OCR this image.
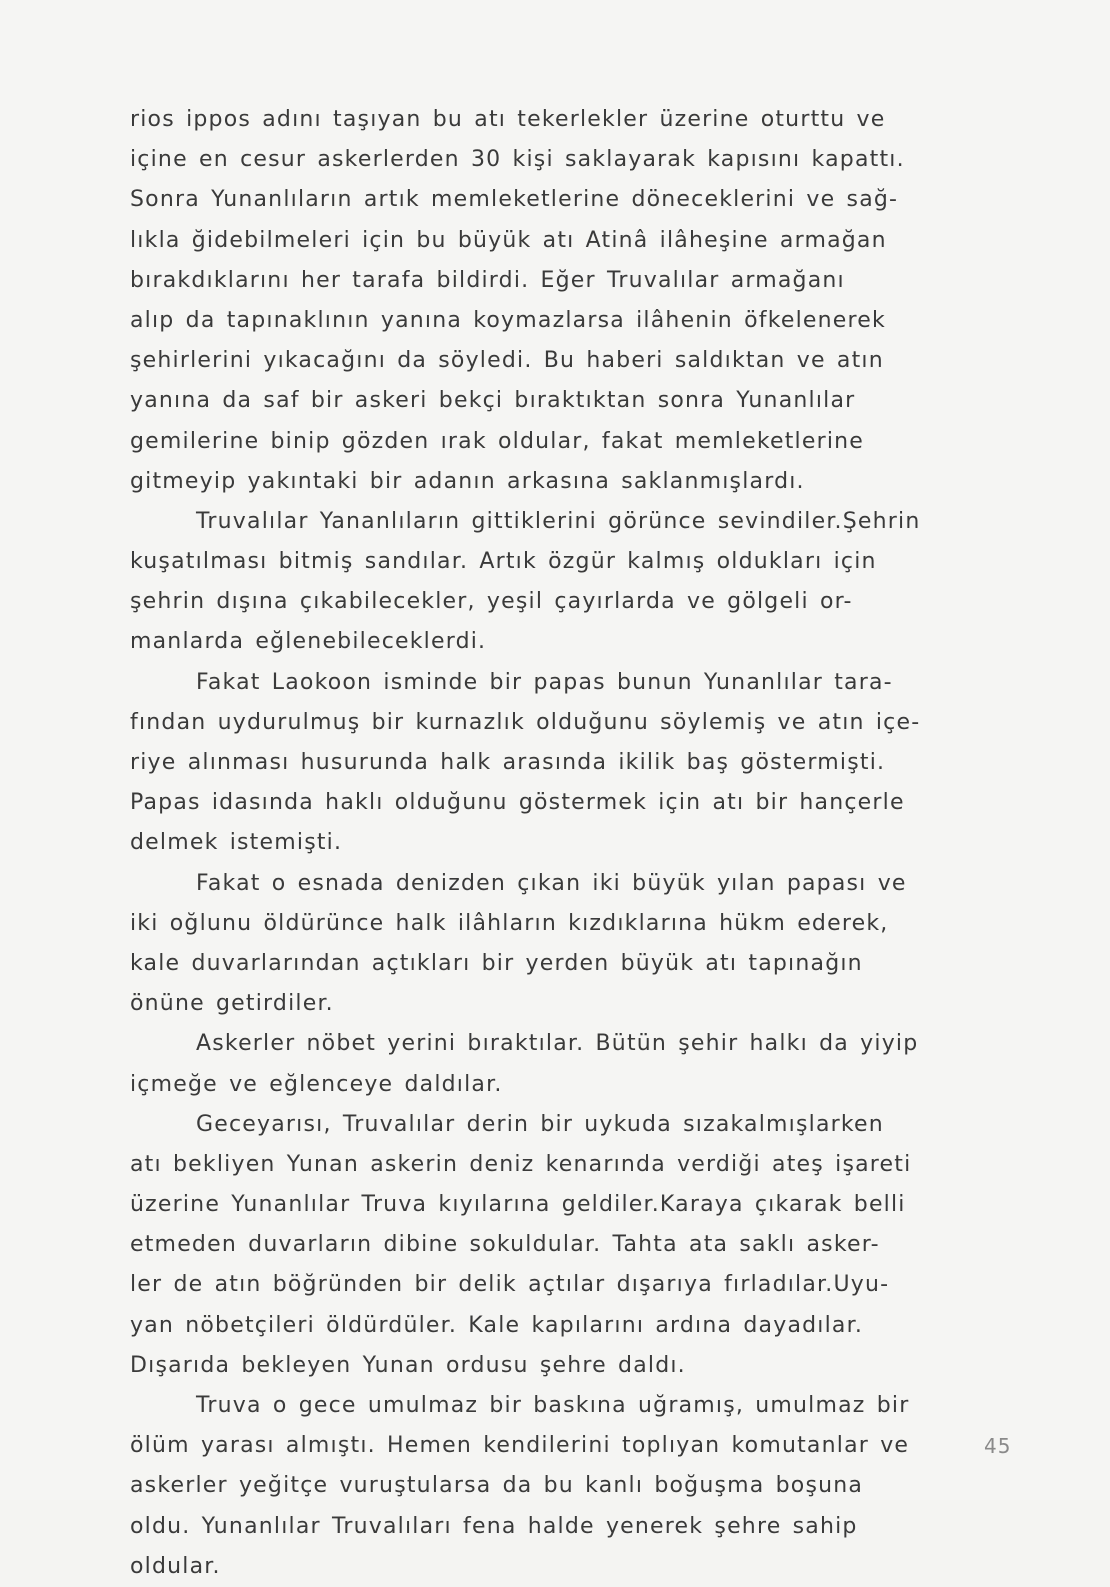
rios ippos adını taşıyan bu atı tekerlekler üzerine oturttu ve
içine en cesur askerlerden 30 kişi saklayarak kapısını kapattı.
Sonra Yunanlıların artık memleketlerine döneceklerini ve sağ-
lıkla ğidebilmeleri için bu büyük atı Atinâ ilâheşine armağan
bırakdıklarını her tarafa bildirdi. Eğer Truvalılar armağanı
alıp da tapınaklının yanına koymazlarsa ilâhenin öfkelenerek
şehirlerini yıkacağını da söyledi. Bu haberi saldıktan ve atın
yanına da saf bir askeri bekçi bıraktıktan sonra Yunanlılar
gemilerine binip gözden ırak oldular, fakat memleketlerine
gitmeyip yakıntaki bir adanın arkasına saklanmışlardı.
Truvalılar Yananlıların gittiklerini görünce sevindiler.Şehrin
kuşatılması bitmiş sandılar. Artık özgür kalmış oldukları için
şehrin dışına çıkabilecekler, yeşil çayırlarda ve gölgeli or-
manlarda eğlenebileceklerdi.
Fakat Laokoon isminde bir papas bunun Yunanlılar tara-
fından uydurulmuş bir kurnazlık olduğunu söylemiş ve atın içe-
riye alınması husurunda halk arasında ikilik baş göstermişti.
Papas idasında haklı olduğunu göstermek için atı bir hançerle
delmek istemişti.
Fakat o esnada denizden çıkan iki büyük yılan papası ve
iki oğlunu öldürünce halk ilâhların kızdıklarına hükm ederek,
kale duvarlarından açtıkları bir yerden büyük atı tapınağın
önüne getirdiler.
Askerler nöbet yerini bıraktılar. Bütün şehir halkı da yiyip
içmeğe ve eğlenceye daldılar.
Geceyarısı, Truvalılar derin bir uykuda sızakalmışlarken
atı bekliyen Yunan askerin deniz kenarında verdiği ateş işareti
üzerine Yunanlılar Truva kıyılarına geldiler.Karaya çıkarak belli
etmeden duvarların dibine sokuldular. Tahta ata saklı asker-
ler de atın böğründen bir delik açtılar dışarıya fırladılar.Uyu-
yan nöbetçileri öldürdüler. Kale kapılarını ardına dayadılar.
Dışarıda bekleyen Yunan ordusu şehre daldı.
Truva o gece umulmaz bir baskına uğramış, umulmaz bir
ölüm yarası almıştı. Hemen kendilerini toplıyan komutanlar ve
askerler yeğitçe vuruştularsa da bu kanlı boğuşma boşuna
oldu. Yunanlılar Truvalıları fena halde yenerek şehre sahip
oldular.
45
